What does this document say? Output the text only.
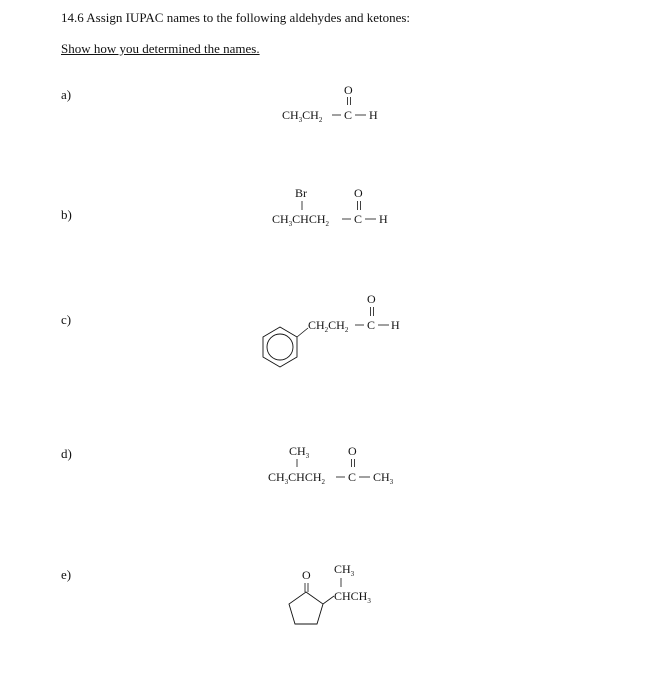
14.6 Assign IUPAC names to the following aldehydes and ketones:
Show how you determined the names.
a)
b)
c)
d)
e)
O
$CH_3CH_2$ C H
Br	O
$CH_3CHCH_2$ C H
O
$CH_2CH_2$ C H
$CH_3$	O
$CH_3CHCH_2$ C $CH_3$
O $CH_3$
$CHCH_3$
